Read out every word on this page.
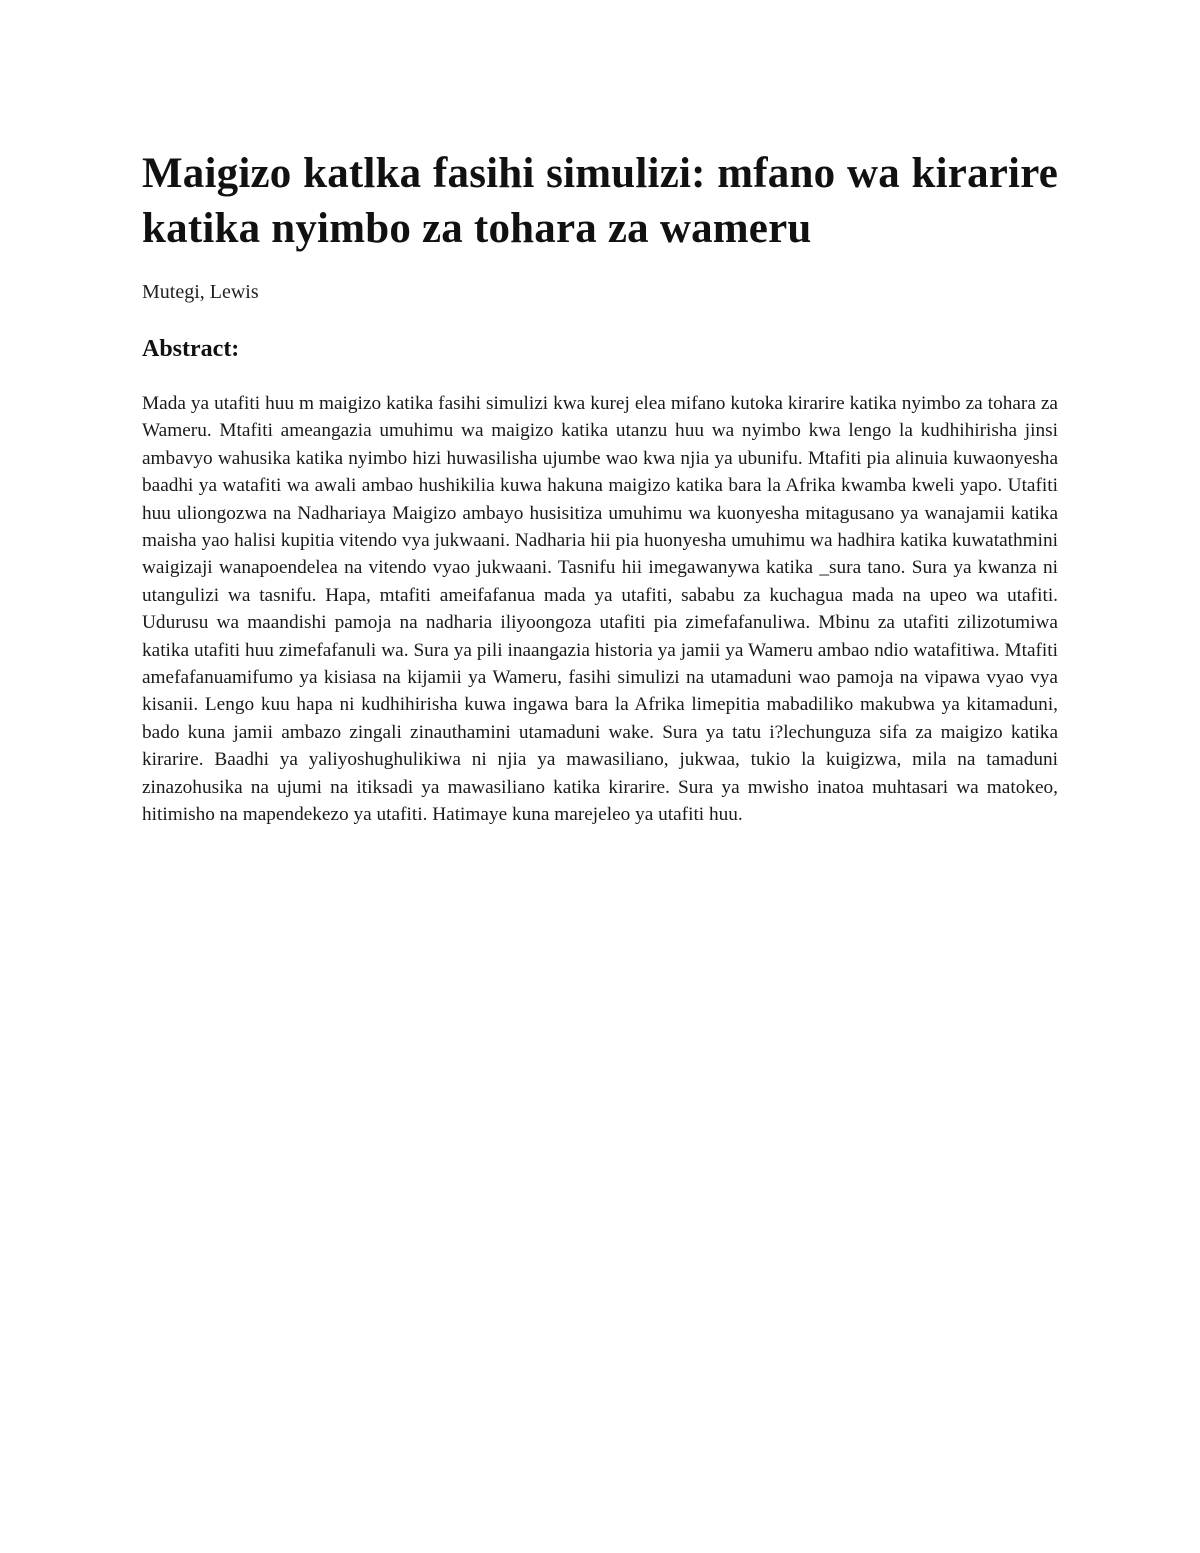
Maigizo katlka fasihi simulizi: mfano wa kirarire katika nyimbo za tohara za wameru

Mutegi, Lewis

Abstract:

Mada ya utafiti huu m maigizo katika fasihi simulizi kwa kurej elea mifano kutoka kirarire katika nyimbo za tohara za Wameru. Mtafiti ameangazia umuhimu wa maigizo katika utanzu huu wa nyimbo kwa lengo la kudhihirisha jinsi ambavyo wahusika katika nyimbo hizi huwasilisha ujumbe wao kwa njia ya ubunifu. Mtafiti pia alinuia kuwaonyesha baadhi ya watafiti wa awali ambao hushikilia kuwa hakuna maigizo katika bara la Afrika kwamba kweli yapo. Utafiti huu uliongozwa na Nadhariaya Maigizo ambayo husisitiza umuhimu wa kuonyesha mitagusano ya wanajamii katika maisha yao halisi kupitia vitendo vya jukwaani. Nadharia hii pia huonyesha umuhimu wa hadhira katika kuwatathmini waigizaji wanapoendelea na vitendo vyao jukwaani. Tasnifu hii imegawanywa katika _sura tano. Sura ya kwanza ni utangulizi wa tasnifu. Hapa, mtafiti ameifafanua mada ya utafiti, sababu za kuchagua mada na upeo wa utafiti. Udurusu wa maandishi pamoja na nadharia iliyoongoza utafiti pia zimefafanuliwa. Mbinu za utafiti zilizotumiwa katika utafiti huu zimefafanuli wa. Sura ya pili inaangazia historia ya jamii ya Wameru ambao ndio watafitiwa. Mtafiti amefafanuamifumo ya kisiasa na kijamii ya Wameru, fasihi simulizi na utamaduni wao pamoja na vipawa vyao vya kisanii. Lengo kuu hapa ni kudhihirisha kuwa ingawa bara la Afrika limepitia mabadiliko makubwa ya kitamaduni, bado kuna jamii ambazo zingali zinauthamini utamaduni wake. Sura ya tatu i?lechunguza sifa za maigizo katika kirarire. Baadhi ya yaliyoshughulikiwa ni njia ya mawasiliano, jukwaa, tukio la kuigizwa, mila na tamaduni zinazohusika na ujumi na itiksadi ya mawasiliano katika kirarire. Sura ya mwisho inatoa muhtasari wa matokeo, hitimisho na mapendekezo ya utafiti. Hatimaye kuna marejeleo ya utafiti huu.
